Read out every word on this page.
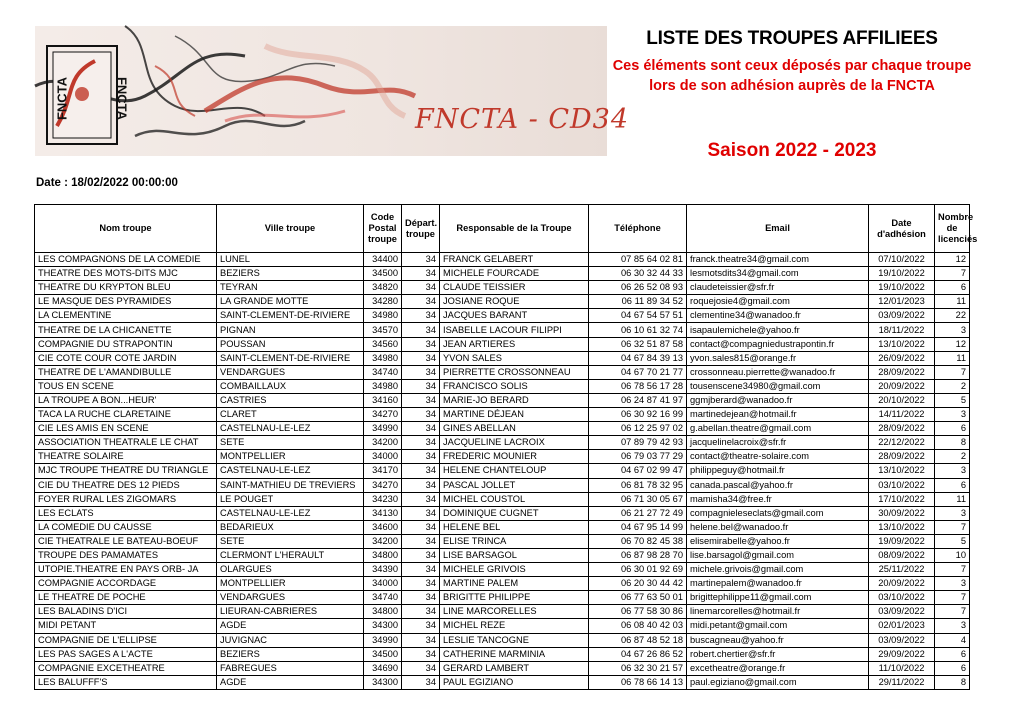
FNCTA	FNCTA	FNCTA - CD34
LISTE DES TROUPES AFFILIEES
Ces éléments sont ceux déposés par chaque troupe lors de son adhésion auprès de la FNCTA
Saison 2022 - 2023
Date : 18/02/2022 00:00:00
Nom troupe	Ville troupe	Code Postal troupe	Départ. troupe	Responsable de la Troupe	Téléphone	Email	Date d'adhésion	Nombre de licenciés
LES COMPAGNONS DE LA COMEDIE	LUNEL	34400	34	FRANCK GELABERT	07 85 64 02 81	franck.theatre34@gmail.com	07/10/2022	12
THEATRE DES MOTS-DITS MJC	BEZIERS	34500	34	MICHELE FOURCADE	06 30 32 44 33	lesmotsdits34@gmail.com	19/10/2022	7
THEATRE DU KRYPTON BLEU	TEYRAN	34820	34	CLAUDE TEISSIER	06 26 52 08 93	claudeteissier@sfr.fr	19/10/2022	6
LE MASQUE DES PYRAMIDES	LA GRANDE MOTTE	34280	34	JOSIANE ROQUE	06 11 89 34 52	roquejosie4@gmail.com	12/01/2023	11
LA CLEMENTINE	SAINT-CLEMENT-DE-RIVIERE	34980	34	JACQUES BARANT	04 67 54 57 51	clementine34@wanadoo.fr	03/09/2022	22
THEATRE DE LA CHICANETTE	PIGNAN	34570	34	ISABELLE LACOUR FILIPPI	06 10 61 32 74	isapaulemichele@yahoo.fr	18/11/2022	3
COMPAGNIE DU STRAPONTIN	POUSSAN	34560	34	JEAN ARTIERES	06 32 51 87 58	contact@compagniedustrapontin.fr	13/10/2022	12
CIE COTE COUR COTE JARDIN	SAINT-CLEMENT-DE-RIVIERE	34980	34	YVON SALES	04 67 84 39 13	yvon.sales815@orange.fr	26/09/2022	11
THEATRE DE L'AMANDIBULLE	VENDARGUES	34740	34	PIERRETTE CROSSONNEAU	04 67 70 21 77	crossonneau.pierrette@wanadoo.fr	28/09/2022	7
TOUS EN SCENE	COMBAILLAUX	34980	34	FRANCISCO SOLIS	06 78 56 17 28	tousenscene34980@gmail.com	20/09/2022	2
LA TROUPE A BON...HEUR'	CASTRIES	34160	34	MARIE-JO BERARD	06 24 87 41 97	ggmjberard@wanadoo.fr	20/10/2022	5
TACA LA RUCHE CLARETAINE	CLARET	34270	34	MARTINE DÉJEAN	06 30 92 16 99	martinedejean@hotmail.fr	14/11/2022	3
CIE LES AMIS EN SCENE	CASTELNAU-LE-LEZ	34990	34	GINES ABELLAN	06 12 25 97 02	g.abellan.theatre@gmail.com	28/09/2022	6
ASSOCIATION THEATRALE LE CHAT	SETE	34200	34	JACQUELINE LACROIX	07 89 79 42 93	jacquelinelacroix@sfr.fr	22/12/2022	8
THEATRE SOLAIRE	MONTPELLIER	34000	34	FREDERIC MOUNIER	06 79 03 77 29	contact@theatre-solaire.com	28/09/2022	2
MJC TROUPE THEATRE DU TRIANGLE	CASTELNAU-LE-LEZ	34170	34	HELENE CHANTELOUP	04 67 02 99 47	philippeguy@hotmail.fr	13/10/2022	3
CIE DU THEATRE DES 12 PIEDS	SAINT-MATHIEU DE TREVIERS	34270	34	PASCAL JOLLET	06 81 78 32 95	canada.pascal@yahoo.fr	03/10/2022	6
FOYER RURAL LES ZIGOMARS	LE POUGET	34230	34	MICHEL COUSTOL	06 71 30 05 67	mamisha34@free.fr	17/10/2022	11
LES ECLATS	CASTELNAU-LE-LEZ	34130	34	DOMINIQUE CUGNET	06 21 27 72 49	compagnieleseclats@gmail.com	30/09/2022	3
LA COMEDIE DU CAUSSE	BEDARIEUX	34600	34	HELENE BEL	04 67 95 14 99	helene.bel@wanadoo.fr	13/10/2022	7
CIE THEATRALE LE BATEAU-BOEUF	SETE	34200	34	ELISE TRINCA	06 70 82 45 38	elisemirabelle@yahoo.fr	19/09/2022	5
TROUPE DES PAMAMATES	CLERMONT L'HERAULT	34800	34	LISE BARSAGOL	06 87 98 28 70	lise.barsagol@gmail.com	08/09/2022	10
UTOPIE.THEATRE EN PAYS ORB- JA	OLARGUES	34390	34	MICHELE GRIVOIS	06 30 01 92 69	michele.grivois@gmail.com	25/11/2022	7
COMPAGNIE ACCORDAGE	MONTPELLIER	34000	34	MARTINE PALEM	06 20 30 44 42	martinepalem@wanadoo.fr	20/09/2022	3
LE THEATRE DE POCHE	VENDARGUES	34740	34	BRIGITTE PHILIPPE	06 77 63 50 01	brigittephilippe11@gmail.com	03/10/2022	7
LES BALADINS D'ICI	LIEURAN-CABRIERES	34800	34	LINE MARCORELLES	06 77 58 30 86	linemarcorelles@hotmail.fr	03/09/2022	7
MIDI PETANT	AGDE	34300	34	MICHEL REZE	06 08 40 42 03	midi.petant@gmail.com	02/01/2023	3
COMPAGNIE DE L'ELLIPSE	JUVIGNAC	34990	34	LESLIE TANCOGNE	06 87 48 52 18	buscagneau@yahoo.fr	03/09/2022	4
LES PAS SAGES A L'ACTE	BEZIERS	34500	34	CATHERINE MARMINIA	04 67 26 86 52	robert.chertier@sfr.fr	29/09/2022	6
COMPAGNIE EXCETHEATRE	FABREGUES	34690	34	GERARD LAMBERT	06 32 30 21 57	excetheatre@orange.fr	11/10/2022	6
LES BALUFFF'S	AGDE	34300	34	PAUL EGIZIANO	06 78 66 14 13	paul.egiziano@gmail.com	29/11/2022	8
